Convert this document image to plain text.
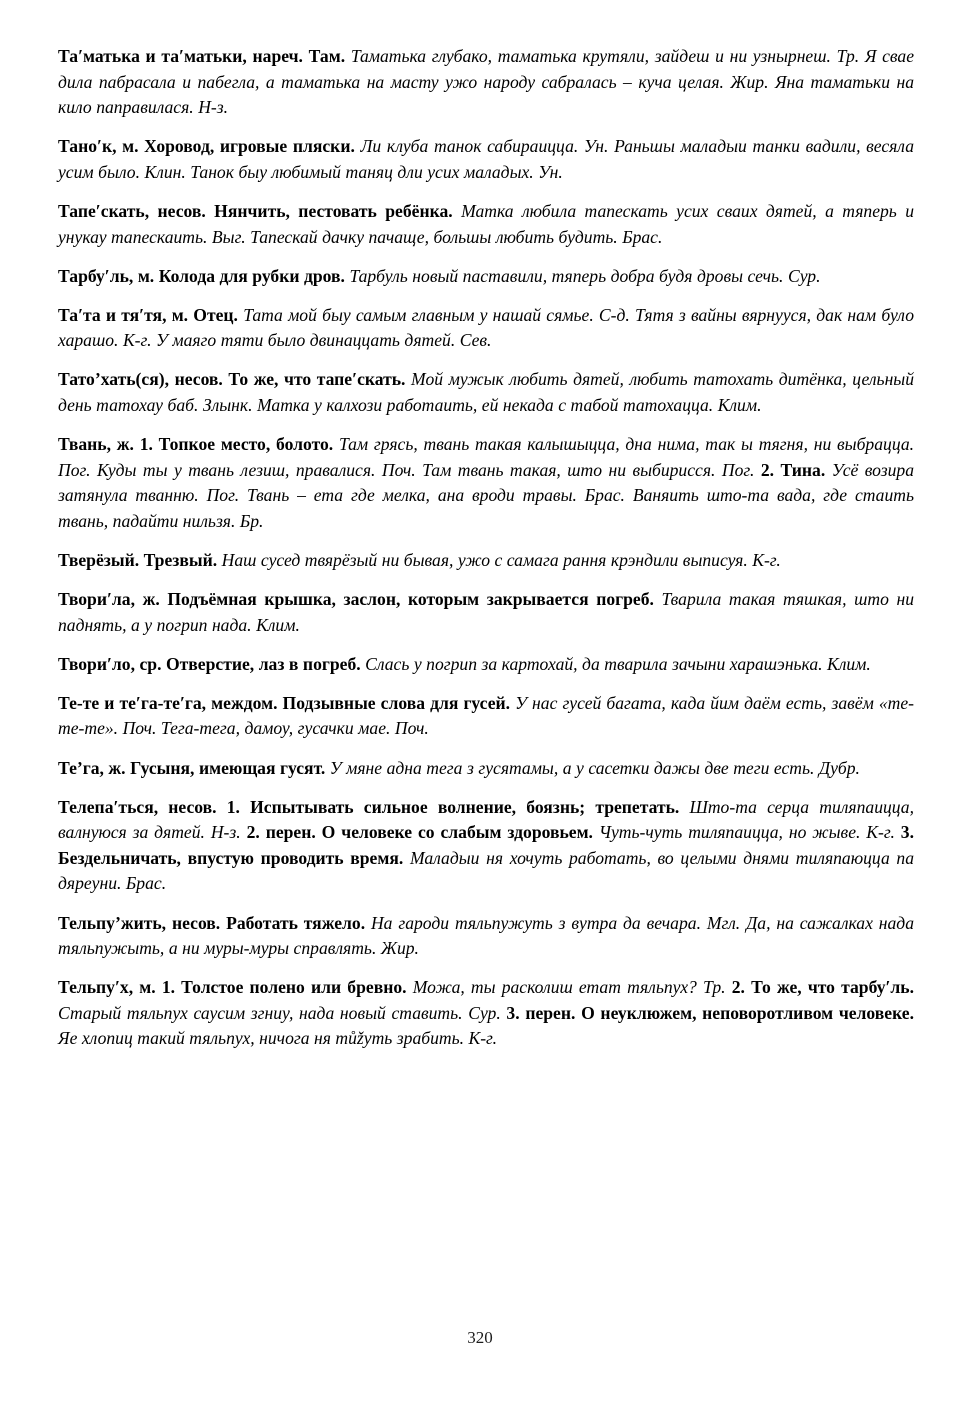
Та′матька и та′матьки, нареч. Там. Таматька глубако, таматька крутяли, зайдеш и ни узнырнеш. Тр. Я свае дила пабрасала и пабегла, а таматька на масту ужо народу сабралась – куча целая. Жир. Яна таматьки на кило паправилася. Н-з.

Тано′к, м. Хоровод, игровые пляски. Ли клуба танок сабираицца. Ун. Раньшы маладыи танки вадили, весяла усим было. Клин. Танок быу любимый таняц дли усих маладых. Ун.

Тапе′скать, несов. Нянчить, пестовать ребёнка. Матка любила тапескать усих сваих дятей, а тяперь и унукау тапескаить. Выг. Тапескай дачку пачаще, большы любить будить. Брас.

Тарбу′ль, м. Колода для рубки дров. Тарбуль новый паставили, тяперь добра будя дровы сечь. Сур.

Та′та и тя′тя, м. Отец. Тата мой быу самым главным у нашай сямье. С-д. Тятя з вайны вярнууся, дак нам було харашо. К-г. У маяго тяти было двинаццать дятей. Сев.

Тато’хать(ся), несов. То же, что тапе′скать. Мой мужык любить дятей, любить татохать дитёнка, цельный день татохау баб. Злынк. Матка у калхози работаить, ей некада с табой татохацца. Клим.

Твань, ж. 1. Топкое место, болото. Там грясь, твань такая калышыцца, дна нима, так ы тягня, ни выбрацца. Пог. Куды ты у твань лезиш, правалися. Поч. Там твань такая, што ни выбирисся. Пог. 2. Тина. Усё возира затянула тванню. Пог. Твань – ета где мелка, ана вроди травы. Брас. Ваняить што-та вада, где стаить твань, падайти нильзя. Бр.

Тверёзый. Трезвый. Наш сусед твярёзый ни бывая, ужо с самага рання крэндили выписуя. К-г.

Твори′ла, ж. Подъёмная крышка, заслон, которым закрывается погреб. Тварила такая тяшкая, што ни паднять, а у погрип нада. Клим.

Твори′ло, ср. Отверстие, лаз в погреб. Слась у погрип за картохай, да тварила зачыни харашэнька. Клим.

Те-те и те′га-те′га, междом. Подзывные слова для гусей. У нас гусей багата, када йим даём есть, завём «те-те-те». Поч. Тега-тега, дамоу, гусачки мае. Поч.

Те’га, ж. Гусыня, имеющая гусят. У мяне адна тега з гусятамы, а у сасетки дажы две теги есть. Дубр.

Телепа′ться, несов. 1. Испытывать сильное волнение, боязнь; трепетать. Што-та серца тиляпаицца, валнуюся за дятей. Н-з. 2. перен. О человеке со слабым здоровьем. Чуть-чуть тиляпаицца, но жыве. К-г. 3. Бездельничать, впустую проводить время. Маладыи ня хочуть работать, во целыми днями тиляпаюцца па дяреуни. Брас.

Тельпу’жить, несов. Работать тяжело. На гароди тяльпужуть з вутра да вечара. Мгл. Да, на сажалках нада тяльпужыть, а ни муры-муры справлять. Жир.

Тельпу′х, м. 1. Толстое полено или бревно. Можа, ты расколиш етат тяльпух? Тр. 2. То же, что тарбу′ль. Старый тяльпух саусим згниу, нада новый ставить. Сур. 3. перен. О неуклюжем, неповоротливом человеке. Яе хлопиц такий тяльпух, ничога ня můžyть зрабить. К-г.

320
